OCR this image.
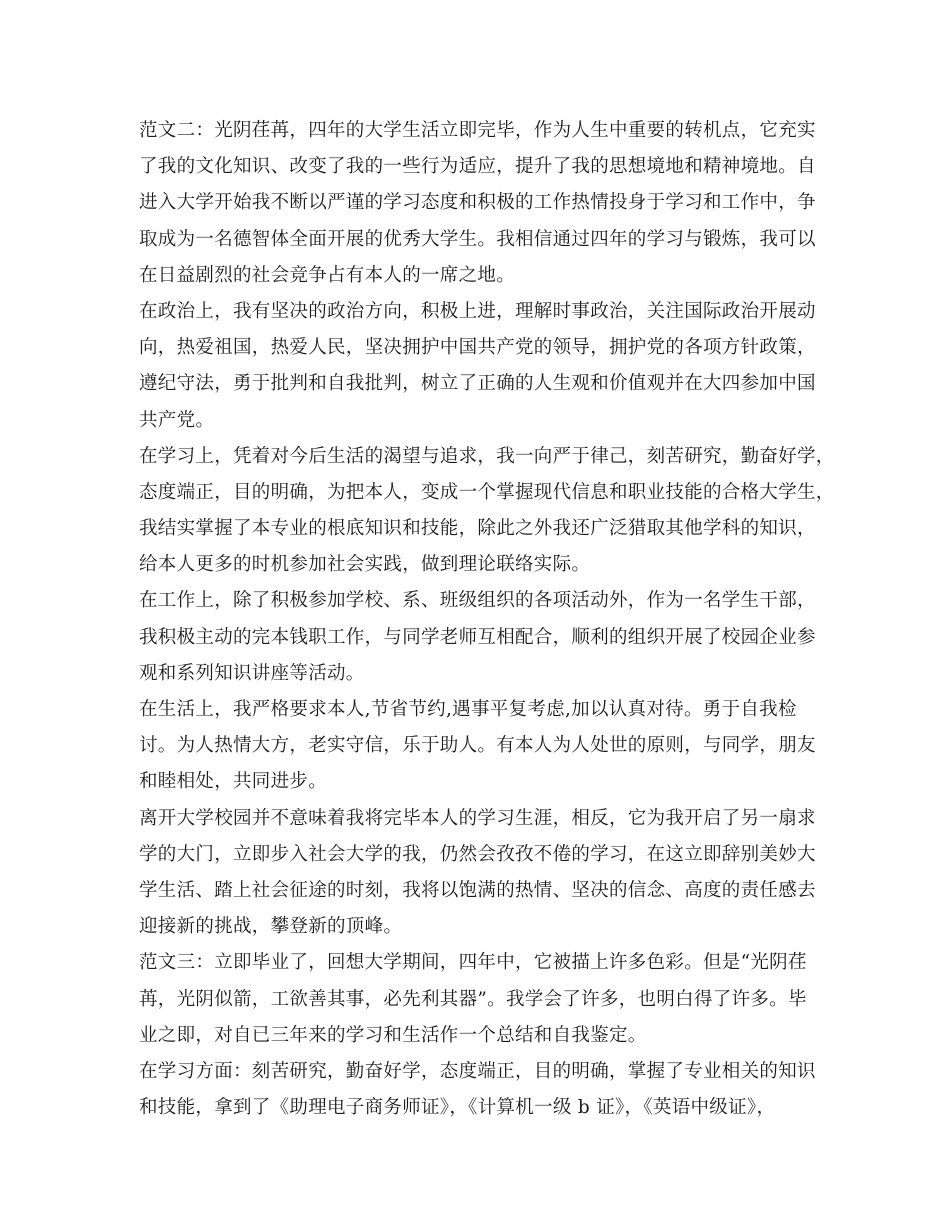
范文二：光阴荏苒，四年的大学生活立即完毕，作为人生中重要的转机点，它充实
了我的文化知识、改变了我的一些行为适应，提升了我的思想境地和精神境地。自
进入大学开始我不断以严谨的学习态度和积极的工作热情投身于学习和工作中，争
取成为一名德智体全面开展的优秀大学生。我相信通过四年的学习与锻炼，我可以
在日益剧烈的社会竞争占有本人的一席之地。
在政治上，我有坚决的政治方向，积极上进，理解时事政治，关注国际政治开展动
向，热爱祖国，热爱人民，坚决拥护中国共产党的领导，拥护党的各项方针政策，
遵纪守法，勇于批判和自我批判，树立了正确的人生观和价值观并在大四参加中国
共产党。
在学习上，凭着对今后生活的渴望与追求，我一向严于律己，刻苦研究，勤奋好学，
态度端正，目的明确，为把本人，变成一个掌握现代信息和职业技能的合格大学生，
我结实掌握了本专业的根底知识和技能，除此之外我还广泛猎取其他学科的知识，
给本人更多的时机参加社会实践，做到理论联络实际。
在工作上，除了积极参加学校、系、班级组织的各项活动外，作为一名学生干部，
我积极主动的完本钱职工作，与同学老师互相配合，顺利的组织开展了校园企业参
观和系列知识讲座等活动。
在生活上，我严格要求本人,节省节约,遇事平复考虑,加以认真对待。勇于自我检
讨。为人热情大方，老实守信，乐于助人。有本人为人处世的原则，与同学，朋友
和睦相处，共同进步。
离开大学校园并不意味着我将完毕本人的学习生涯，相反，它为我开启了另一扇求
学的大门，立即步入社会大学的我，仍然会孜孜不倦的学习，在这立即辞别美妙大
学生活、踏上社会征途的时刻，我将以饱满的热情、坚决的信念、高度的责任感去
迎接新的挑战，攀登新的顶峰。
范文三：立即毕业了，回想大学期间，四年中，它被描上许多色彩。但是“光阴荏
苒，光阴似箭，工欲善其事，必先利其器”。我学会了许多，也明白得了许多。毕
业之即，对自已三年来的学习和生活作一个总结和自我鉴定。
在学习方面：刻苦研究，勤奋好学，态度端正，目的明确，掌握了专业相关的知识
和技能，拿到了《助理电子商务师证》，《计算机一级 b 证》，《英语中级证》，
